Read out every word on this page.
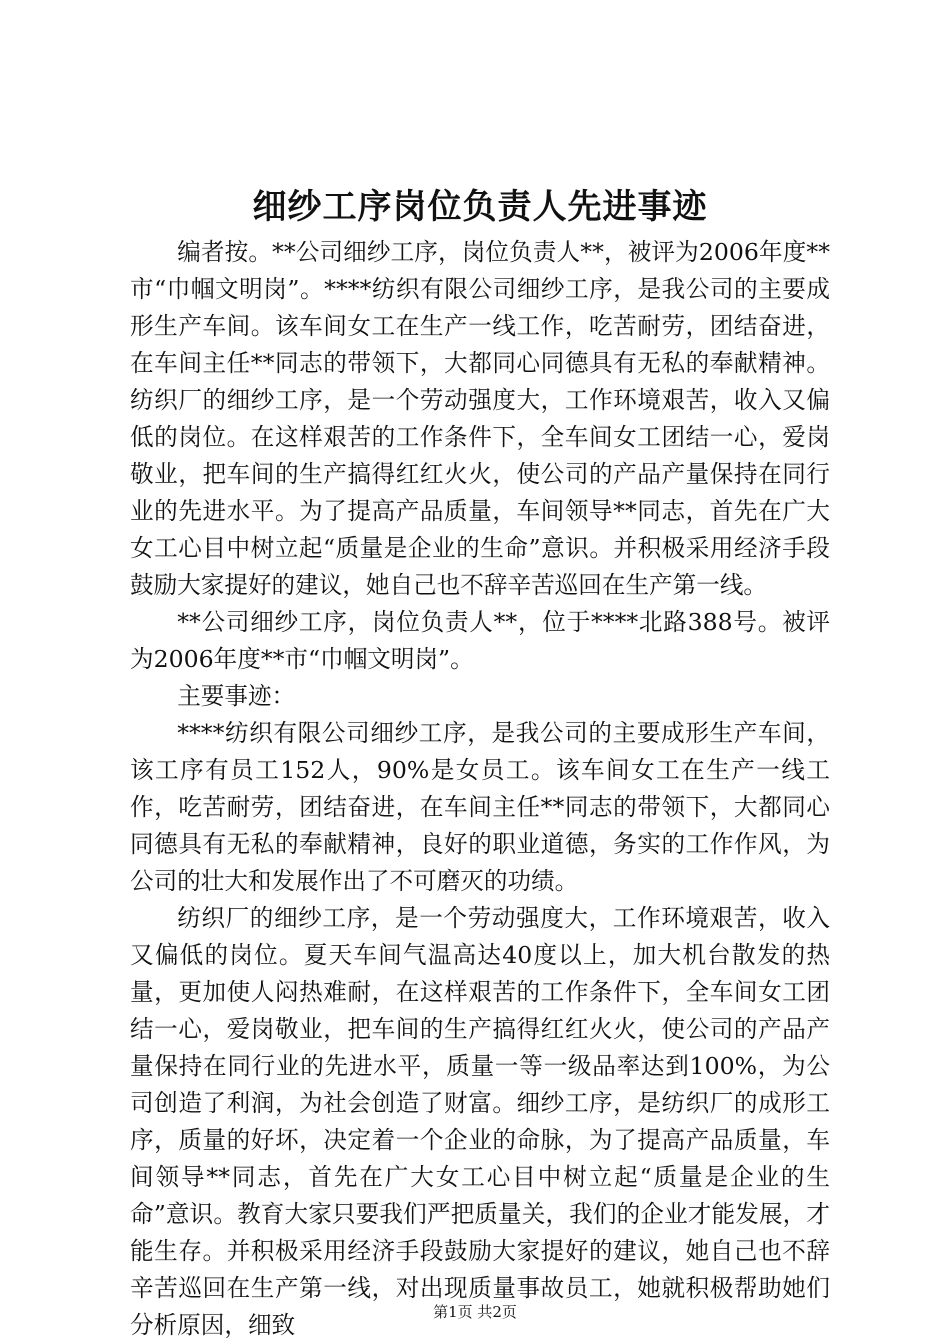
细纱工序岗位负责人先进事迹

编者按。**公司细纱工序，岗位负责人**，被评为2006年度**市“巾帼文明岗”。****纺织有限公司细纱工序，是我公司的主要成形生产车间。该车间女工在生产一线工作，吃苦耐劳，团结奋进，在车间主任**同志的带领下，大都同心同德具有无私的奉献精神。纺织厂的细纱工序，是一个劳动强度大，工作环境艰苦，收入又偏低的岗位。在这样艰苦的工作条件下，全车间女工团结一心，爱岗敬业，把车间的生产搞得红红火火，使公司的产品产量保持在同行业的先进水平。为了提高产品质量，车间领导**同志，首先在广大女工心目中树立起“质量是企业的生命”意识。并积极采用经济手段鼓励大家提好的建议，她自己也不辞辛苦巡回在生产第一线。

**公司细纱工序，岗位负责人**，位于****北路388号。被评为2006年度**市“巾帼文明岗”。

主要事迹：

****纺织有限公司细纱工序，是我公司的主要成形生产车间，该工序有员工152人，90%是女员工。该车间女工在生产一线工作，吃苦耐劳，团结奋进，在车间主任**同志的带领下，大都同心同德具有无私的奉献精神，良好的职业道德，务实的工作作风，为公司的壮大和发展作出了不可磨灭的功绩。

纺织厂的细纱工序，是一个劳动强度大，工作环境艰苦，收入又偏低的岗位。夏天车间气温高达40度以上，加大机台散发的热量，更加使人闷热难耐，在这样艰苦的工作条件下，全车间女工团结一心，爱岗敬业，把车间的生产搞得红红火火，使公司的产品产量保持在同行业的先进水平，质量一等一级品率达到100%，为公司创造了利润，为社会创造了财富。细纱工序，是纺织厂的成形工序，质量的好坏，决定着一个企业的命脉，为了提高产品质量，车间领导**同志，首先在广大女工心目中树立起“质量是企业的生命”意识。教育大家只要我们严把质量关，我们的企业才能发展，才能生存。并积极采用经济手段鼓励大家提好的建议，她自己也不辞辛苦巡回在生产第一线，对出现质量事故员工，她就积极帮助她们分析原因，细致	第1页 共2页
